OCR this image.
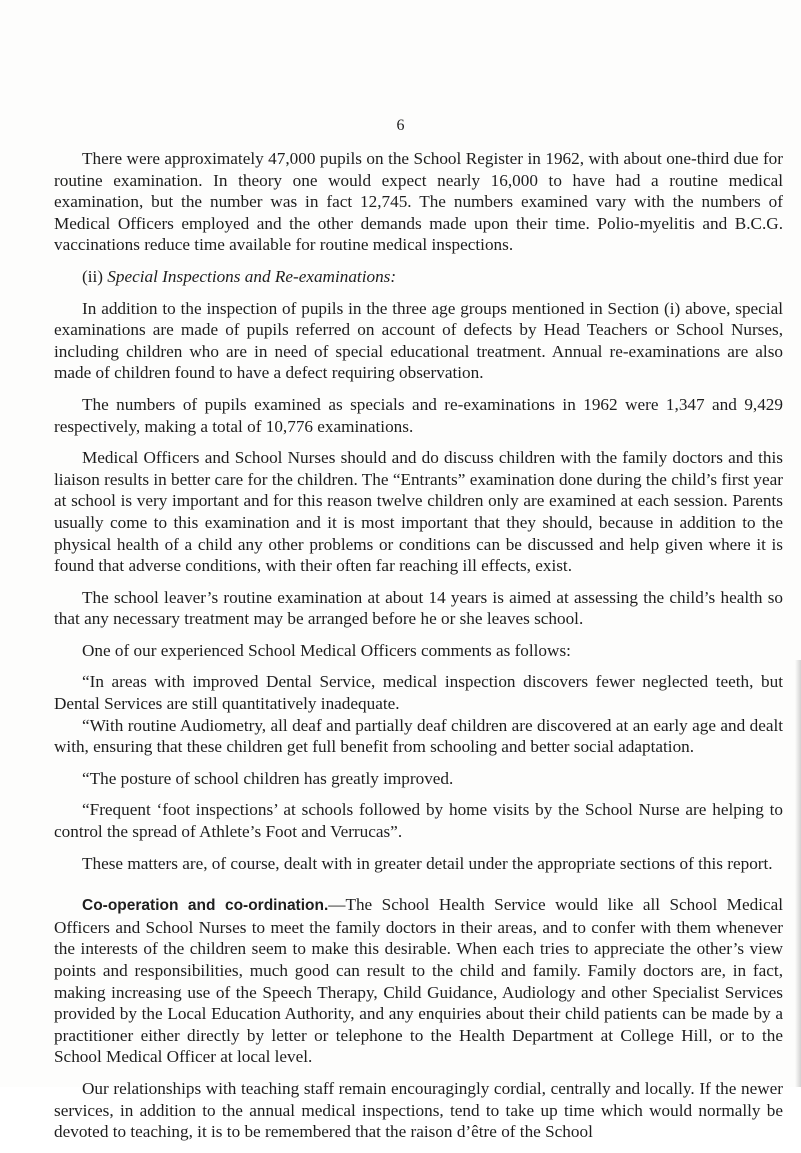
6

There were approximately 47,000 pupils on the School Register in 1962, with about one-third due for routine examination. In theory one would expect nearly 16,000 to have had a routine medical examination, but the number was in fact 12,745. The numbers examined vary with the numbers of Medical Officers employed and the other demands made upon their time. Polio-myelitis and B.C.G. vaccinations reduce time available for routine medical inspections.

(ii) Special Inspections and Re-examinations:

In addition to the inspection of pupils in the three age groups mentioned in Section (i) above, special examinations are made of pupils referred on account of defects by Head Teachers or School Nurses, including children who are in need of special educational treatment. Annual re-examinations are also made of children found to have a defect requiring observation.

The numbers of pupils examined as specials and re-examinations in 1962 were 1,347 and 9,429 respectively, making a total of 10,776 examinations.

Medical Officers and School Nurses should and do discuss children with the family doctors and this liaison results in better care for the children. The “Entrants” examination done during the child’s first year at school is very important and for this reason twelve children only are examined at each session. Parents usually come to this examination and it is most important that they should, because in addition to the physical health of a child any other problems or conditions can be discussed and help given where it is found that adverse conditions, with their often far reaching ill effects, exist.

The school leaver’s routine examination at about 14 years is aimed at assessing the child’s health so that any necessary treatment may be arranged before he or she leaves school.

One of our experienced School Medical Officers comments as follows:

“In areas with improved Dental Service, medical inspection discovers fewer neglected teeth, but Dental Services are still quantitatively inadequate.

“With routine Audiometry, all deaf and partially deaf children are discovered at an early age and dealt with, ensuring that these children get full benefit from schooling and better social adaptation.

“The posture of school children has greatly improved.

“Frequent ‘foot inspections’ at schools followed by home visits by the School Nurse are helping to control the spread of Athlete’s Foot and Verrucas”.

These matters are, of course, dealt with in greater detail under the appropriate sections of this report.

Co-operation and co-ordination.—The School Health Service would like all School Medical Officers and School Nurses to meet the family doctors in their areas, and to confer with them whenever the interests of the children seem to make this desirable. When each tries to appreciate the other’s view points and responsibilities, much good can result to the child and family. Family doctors are, in fact, making increasing use of the Speech Therapy, Child Guidance, Audiology and other Specialist Services provided by the Local Education Authority, and any enquiries about their child patients can be made by a practitioner either directly by letter or telephone to the Health Department at College Hill, or to the School Medical Officer at local level.

Our relationships with teaching staff remain encouragingly cordial, centrally and locally. If the newer services, in addition to the annual medical inspections, tend to take up time which would normally be devoted to teaching, it is to be remembered that the raison d’être of the School
